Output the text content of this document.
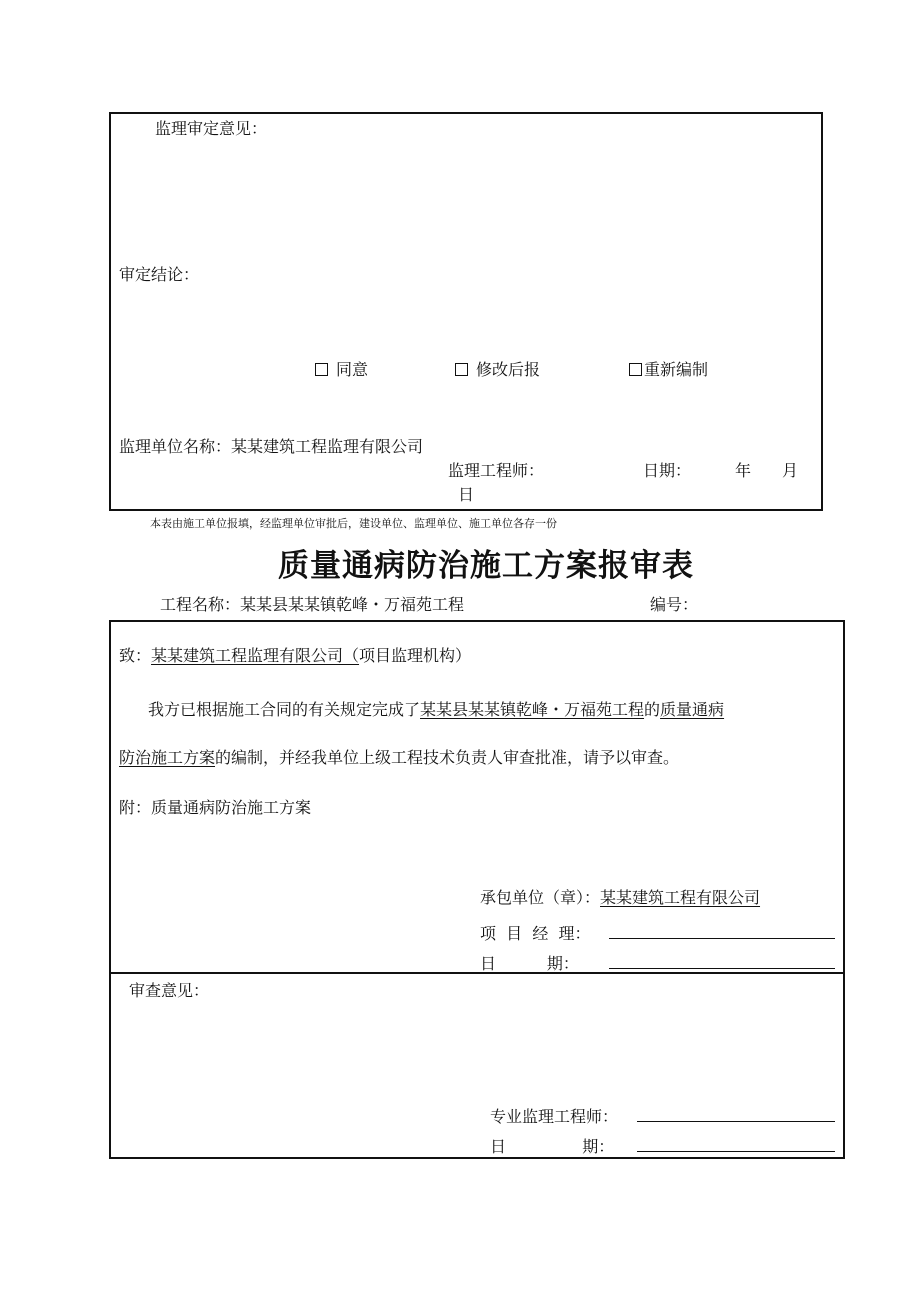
监理审定意见：
审定结论：
同意	修改后报	重新编制
监理单位名称：某某建筑工程监理有限公司
监理工程师：	日期：	年 月
日
本表由施工单位报填，经监理单位审批后，建设单位、监理单位、施工单位各存一份
质量通病防治施工方案报审表
工程名称：某某县某某镇乾峰・万福苑工程	编号：
致：某某建筑工程监理有限公司（项目监理机构）
我方已根据施工合同的有关规定完成了某某县某某镇乾峰・万福苑工程的质量通病
防治施工方案的编制，并经我单位上级工程技术负责人审查批准，请予以审查。
附：质量通病防治施工方案
承包单位（章）：某某建筑工程有限公司
项  目  经  理：
日          期：
审查意见：
专业监理工程师：
日               期：
